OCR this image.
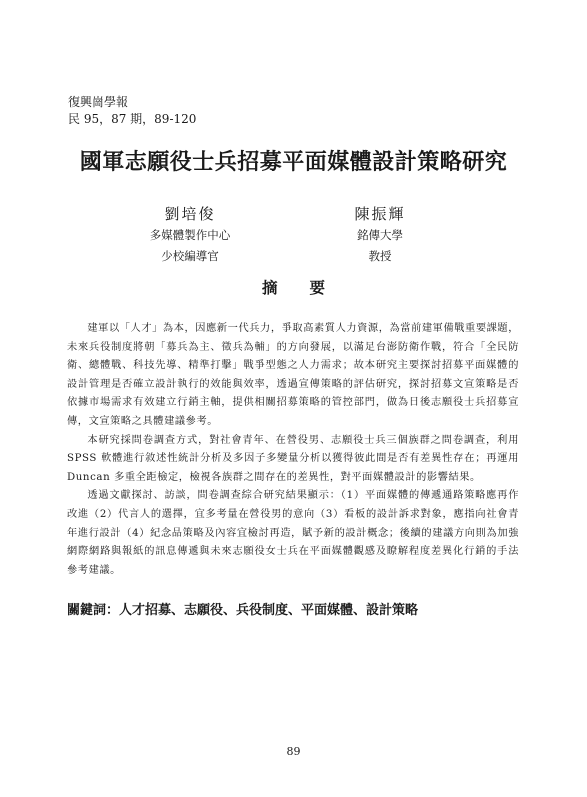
復興崗學報
民 95，87 期，89-120
國軍志願役士兵招募平面媒體設計策略研究
劉培俊
多媒體製作中心
少校編導官
陳振輝
銘傳大學
教授
摘要

建軍以「人才」為本，因應新一代兵力，爭取高素質人力資源，為當前建軍備戰重要課題，未來兵役制度將朝「募兵為主、徵兵為輔」的方向發展，以滿足台澎防衛作戰，符合「全民防衛、總體戰、科技先導、精準打擊」戰爭型態之人力需求；故本研究主要探討招募平面媒體的設計管理是否確立設計執行的效能與效率，透過宣傳策略的評估研究，探討招募文宣策略是否依據市場需求有效建立行銷主軸，提供相關招募策略的管控部門，做為日後志願役士兵招募宣傳，文宣策略之具體建議參考。

本研究採問卷調查方式，對社會青年、在營役男、志願役士兵三個族群之問卷調查，利用 SPSS 軟體進行敘述性統計分析及多因子多變量分析以獲得彼此間是否有差異性存在；再運用 Duncan 多重全距檢定，檢視各族群之間存在的差異性，對平面媒體設計的影響結果。

透過文獻探討、訪談，問卷調查綜合研究結果顯示：（1）平面媒體的傳遞通路策略應再作改進（2）代言人的選擇，宜多考量在營役男的意向（3）看板的設計訴求對象，應指向社會青年進行設計（4）紀念品策略及內容宜檢討再造，賦予新的設計概念；後續的建議方向則為加強網際網路與報紙的訊息傳遞與未來志願役女士兵在平面媒體觀感及瞭解程度差異化行銷的手法參考建議。

關鍵詞：人才招募、志願役、兵役制度、平面媒體、設計策略
89
